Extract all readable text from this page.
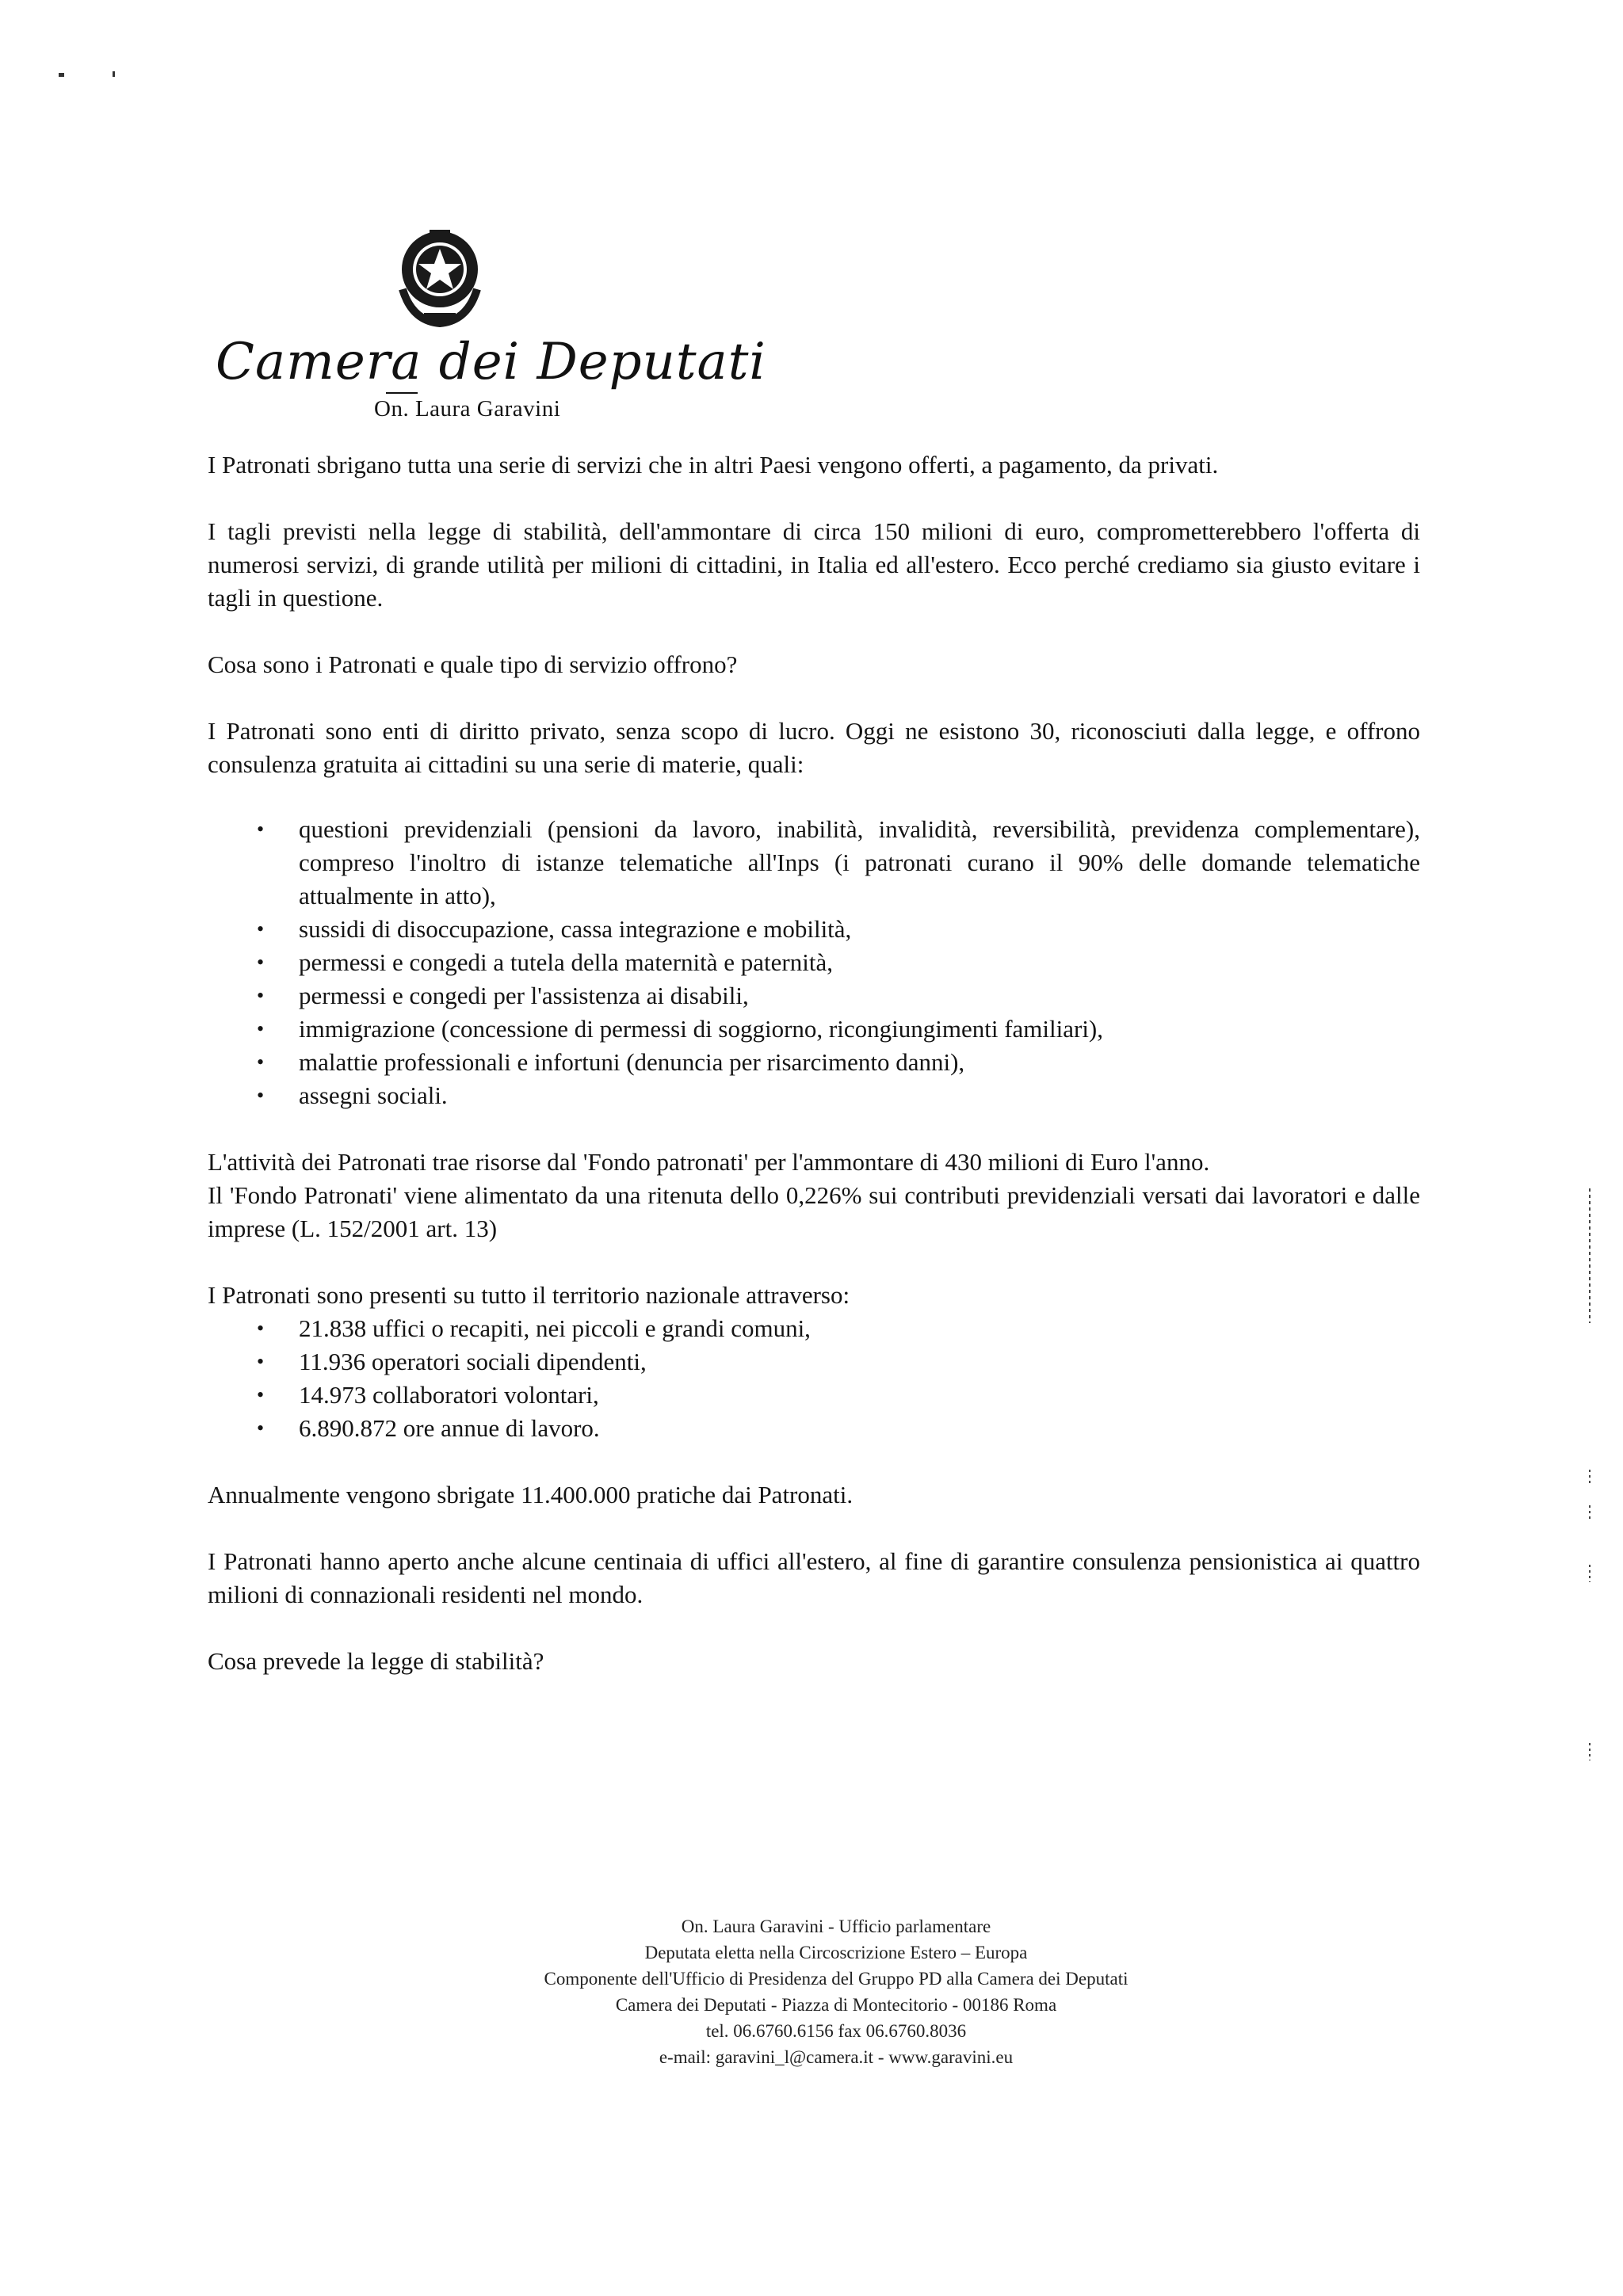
Camera dei Deputati
On. Laura Garavini

I Patronati sbrigano tutta una serie di servizi che in altri Paesi vengono offerti, a pagamento, da privati.

I tagli previsti nella legge di stabilità, dell'ammontare di circa 150 milioni di euro, comprometterebbero l'offerta di numerosi servizi, di grande utilità per milioni di cittadini, in Italia ed all'estero. Ecco perché crediamo sia giusto evitare i tagli in questione.

Cosa sono i Patronati e quale tipo di servizio offrono?

I Patronati sono enti di diritto privato, senza scopo di lucro. Oggi ne esistono 30, riconosciuti dalla legge, e offrono consulenza gratuita ai cittadini su una serie di materie, quali:

• questioni previdenziali (pensioni da lavoro, inabilità, invalidità, reversibilità, previdenza complementare), compreso l'inoltro di istanze telematiche all'Inps (i patronati curano il 90% delle domande telematiche attualmente in atto),
• sussidi di disoccupazione, cassa integrazione e mobilità,
• permessi e congedi a tutela della maternità e paternità,
• permessi e congedi per l'assistenza ai disabili,
• immigrazione (concessione di permessi di soggiorno, ricongiungimenti familiari),
• malattie professionali e infortuni (denuncia per risarcimento danni),
• assegni sociali.

L'attività dei Patronati trae risorse dal 'Fondo patronati' per l'ammontare di 430 milioni di Euro l'anno.

Il 'Fondo Patronati' viene alimentato da una ritenuta dello 0,226% sui contributi previdenziali versati dai lavoratori e dalle imprese (L. 152/2001 art. 13)

I Patronati sono presenti su tutto il territorio nazionale attraverso:

• 21.838 uffici o recapiti, nei piccoli e grandi comuni,
• 11.936 operatori sociali dipendenti,
• 14.973 collaboratori volontari,
• 6.890.872 ore annue di lavoro.

Annualmente vengono sbrigate 11.400.000 pratiche dai Patronati.

I Patronati hanno aperto anche alcune centinaia di uffici all'estero, al fine di garantire consulenza pensionistica ai quattro milioni di connazionali residenti nel mondo.

Cosa prevede la legge di stabilità?

On. Laura Garavini - Ufficio parlamentare
Deputata eletta nella Circoscrizione Estero – Europa
Componente dell'Ufficio di Presidenza del Gruppo PD alla Camera dei Deputati
Camera dei Deputati - Piazza di Montecitorio - 00186 Roma
tel. 06.6760.6156 fax 06.6760.8036
e-mail: garavini_l@camera.it - www.garavini.eu
